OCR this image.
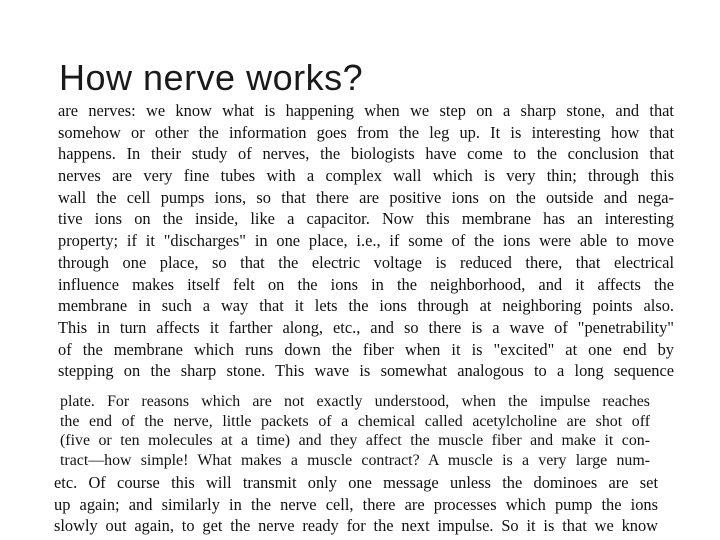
How nerve works?
are nerves: we know what is happening when we step on a sharp stone, and that
somehow or other the information goes from the leg up. It is interesting how that
happens. In their study of nerves, the biologists have come to the conclusion that
nerves are very fine tubes with a complex wall which is very thin; through this
wall the cell pumps ions, so that there are positive ions on the outside and nega-
tive ions on the inside, like a capacitor. Now this membrane has an interesting
property; if it "discharges" in one place, i.e., if some of the ions were able to move
through one place, so that the electric voltage is reduced there, that electrical
influence makes itself felt on the ions in the neighborhood, and it affects the
membrane in such a way that it lets the ions through at neighboring points also.
This in turn affects it farther along, etc., and so there is a wave of "penetrability"
of the membrane which runs down the fiber when it is "excited" at one end by
stepping on the sharp stone. This wave is somewhat analogous to a long sequence
plate. For reasons which are not exactly understood, when the impulse reaches
the end of the nerve, little packets of a chemical called acetylcholine are shot off
(five or ten molecules at a time) and they affect the muscle fiber and make it con-
tract—how simple! What makes a muscle contract? A muscle is a very large num-
etc. Of course this will transmit only one message unless the dominoes are set
up again; and similarly in the nerve cell, there are processes which pump the ions
slowly out again, to get the nerve ready for the next impulse. So it is that we know
